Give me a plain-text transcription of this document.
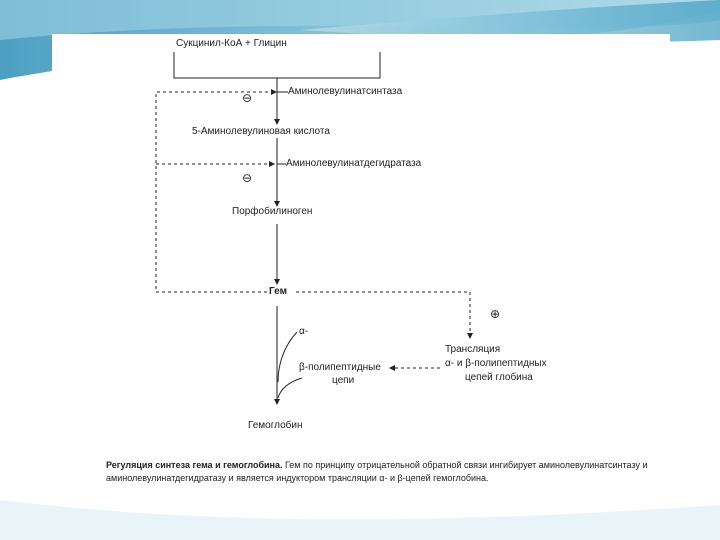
Сукцинил-КоА + Глицин
Аминолевулинатсинтаза
⊖
5-Аминолевулиновая кислота
Аминолевулинатдегидратаза
⊖
Порфобилиноген
Гем
⊕
Трансляция
α- и β-полипептидных
цепей глобина
α-
β-полипептидные
цепи
Гемоглобин
Регуляция синтеза гема и гемоглобина. Гем по принципу отрицательной обратной связи ингибирует аминолевулинатсинтазу и аминолевулинатдегидратазу и является индуктором трансляции α- и β-цепей гемоглобина.
